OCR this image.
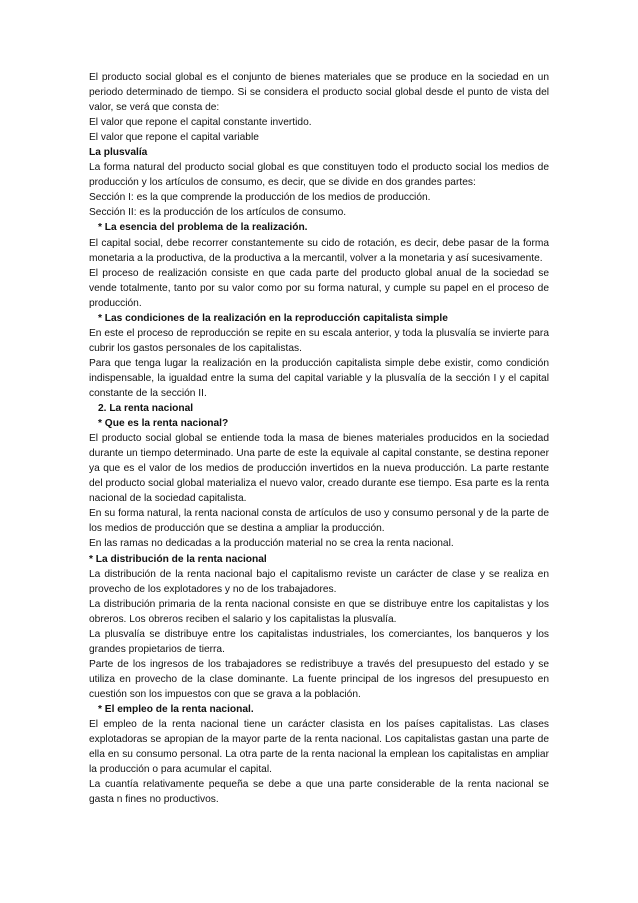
El producto social global es el conjunto de bienes materiales que se produce en la sociedad en un periodo determinado de tiempo. Si se considera el producto social global desde el punto de vista del valor, se verá que consta de:

El valor que repone el capital constante invertido.

El valor que repone el capital variable

La plusvalía

La forma natural del producto social global es que constituyen todo el producto social los medios de producción y los artículos de consumo, es decir, que se divide en dos grandes partes:

Sección I: es la que comprende la producción de los medios de producción.

Sección II: es la producción de los artículos de consumo.

* La esencia del problema de la realización.

El capital social, debe recorrer constantemente su cido de rotación, es decir, debe pasar de la forma monetaria a la productiva, de la productiva a la mercantil, volver a la monetaria y así sucesivamente.

El proceso de realización consiste en que cada parte del producto global anual de la sociedad se vende totalmente, tanto por su valor como por su forma natural, y cumple su papel en el proceso de producción.

* Las condiciones de la realización en la reproducción capitalista simple

En este el proceso de reproducción se repite en su escala anterior, y toda la plusvalía se invierte para cubrir los gastos personales de los capitalistas.

Para que tenga lugar la realización en la producción capitalista simple debe existir, como condición indispensable, la igualdad entre la suma del capital variable y la plusvalía de la sección I y el capital constante de la sección II.

2. La renta nacional

* Que es la renta nacional?

El producto social global se entiende toda la masa de bienes materiales producidos en la sociedad durante un tiempo determinado. Una parte de este la equivale al capital constante, se destina reponer ya que es el valor de los medios de producción invertidos en la nueva producción. La parte restante del producto social global materializa el nuevo valor, creado durante ese tiempo. Esa parte es la renta nacional de la sociedad capitalista.

En su forma natural, la renta nacional consta de artículos de uso y consumo personal y de la parte de los medios de producción que se destina a ampliar la producción.

En las ramas no dedicadas a la producción material no se crea la renta nacional.

* La distribución de la renta nacional

La distribución de la renta nacional bajo el capitalismo reviste un carácter de clase y se realiza en provecho de los explotadores y no de los trabajadores.

La distribución primaria de la renta nacional consiste en que se distribuye entre los capitalistas y los obreros. Los obreros reciben el salario y los capitalistas la plusvalía.

La plusvalía se distribuye entre los capitalistas industriales, los comerciantes, los banqueros y los grandes propietarios de tierra.

Parte de los ingresos de los trabajadores se redistribuye a través del presupuesto del estado y se utiliza en provecho de la clase dominante. La fuente principal de los ingresos del presupuesto en cuestión son los impuestos con que se grava a la población.

* El empleo de la renta nacional.

El empleo de la renta nacional tiene un carácter clasista en los países capitalistas. Las clases explotadoras se apropian de la mayor parte de la renta nacional. Los capitalistas gastan una parte de ella en su consumo personal. La otra parte de la renta nacional la emplean los capitalistas en ampliar la producción o para acumular el capital.

La cuantía relativamente pequeña se debe a que una parte considerable de la renta nacional se gasta n fines no productivos.
